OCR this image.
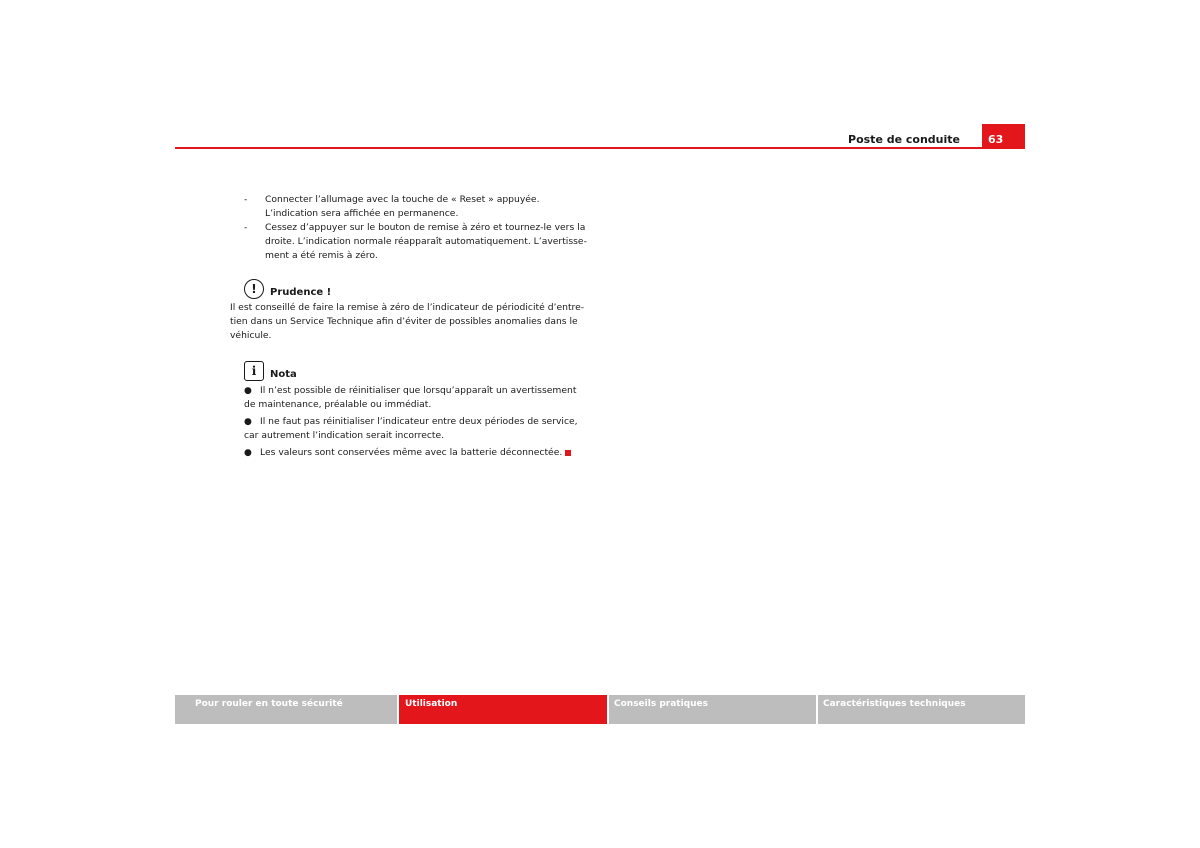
Poste de conduite	63
-	Connecter l’allumage avec la touche de « Reset » appuyée. L’indication sera affichée en permanence.
-	Cessez d’appuyer sur le bouton de remise à zéro et tournez-le vers la droite. L’indication normale réapparaît automatiquement. L’avertissement a été remis à zéro.
!	Prudence !
Il est conseillé de faire la remise à zéro de l’indicateur de périodicité d’entretien dans un Service Technique afin d’éviter de possibles anomalies dans le véhicule.
i	Nota
● Il n’est possible de réinitialiser que lorsqu’apparaît un avertissement de maintenance, préalable ou immédiat.
● Il ne faut pas réinitialiser l’indicateur entre deux périodes de service, car autrement l’indication serait incorrecte.
● Les valeurs sont conservées même avec la batterie déconnectée.
Pour rouler en toute sécurité	Utilisation	Conseils pratiques	Caractéristiques techniques
